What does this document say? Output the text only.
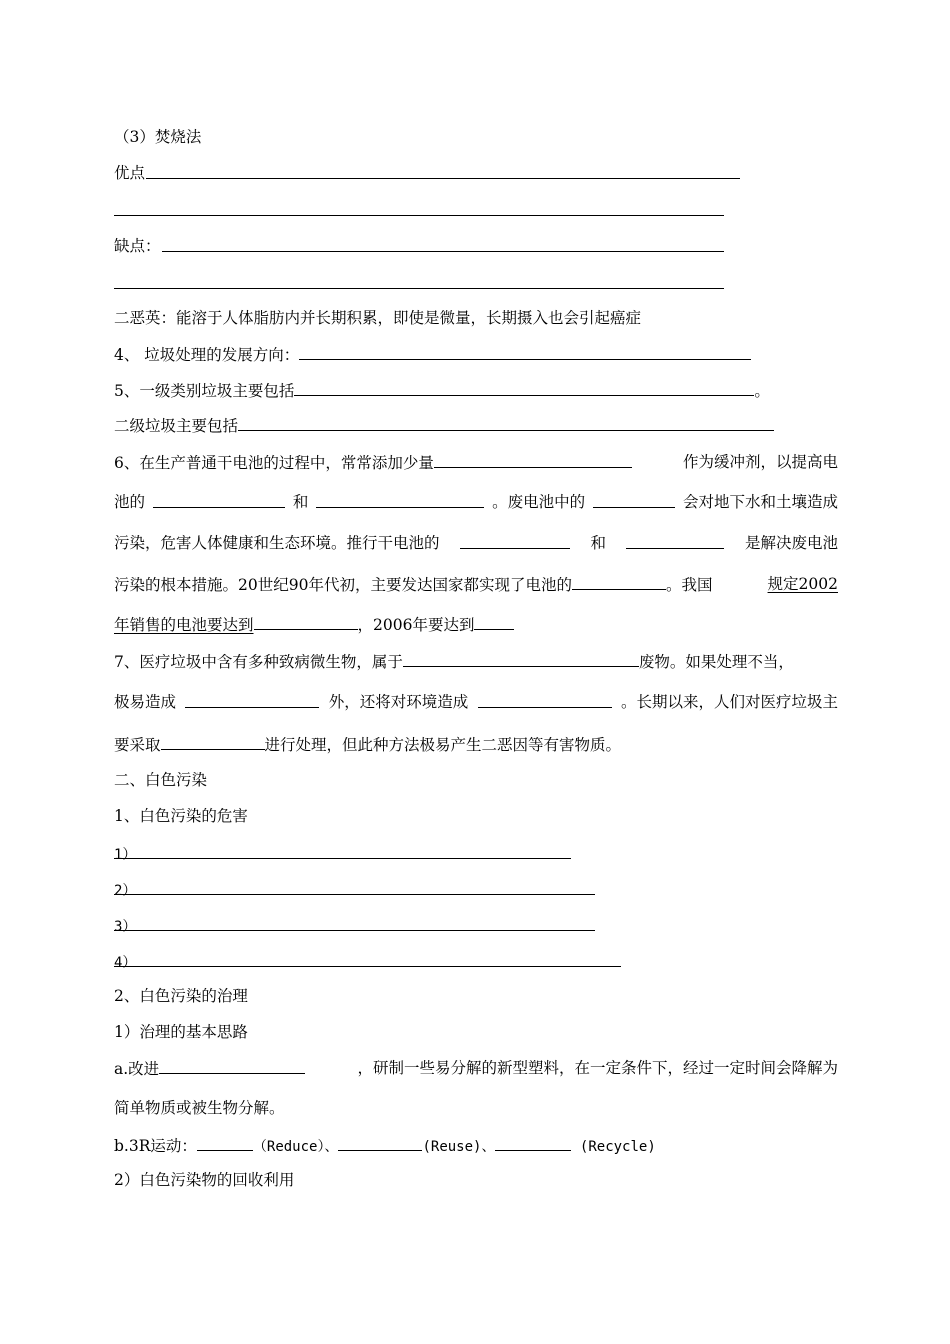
（3）焚烧法
优点
缺点：
二恶英：能溶于人体脂肪内并长期积累，即使是微量，长期摄入也会引起癌症
4、 垃圾处理的发展方向：
5、一级类别垃圾主要包括	。
二级垃圾主要包括
6、在生产普通干电池的过程中，常常添加少量	作为缓冲剂，以提高电
池的	和	。废电池中的	会对地下水和土壤造成
污染，危害人体健康和生态环境。推行干电池的	和	是解决废电池
污染的根本措施。20世纪90年代初，主要发达国家都实现了电池的	。我国	规定2002
年销售的电池要达到	，2006年要达到
7、医疗垃圾中含有多种致病微生物，属于	废物。如果处理不当，
极易造成	外，还将对环境造成	。长期以来，人们对医疗垃圾主
要采取	进行处理，但此种方法极易产生二恶因等有害物质。
二、白色污染
1、白色污染的危害
1）
2）
3）
4）
2、白色污染的治理
1）治理的基本思路
a.改进	，研制一些易分解的新型塑料，在一定条件下，经过一定时间会降解为
简单物质或被生物分解。
b.3R运动：	（Reduce）、	(Reuse)、	(Recycle)
2）白色污染物的回收利用
